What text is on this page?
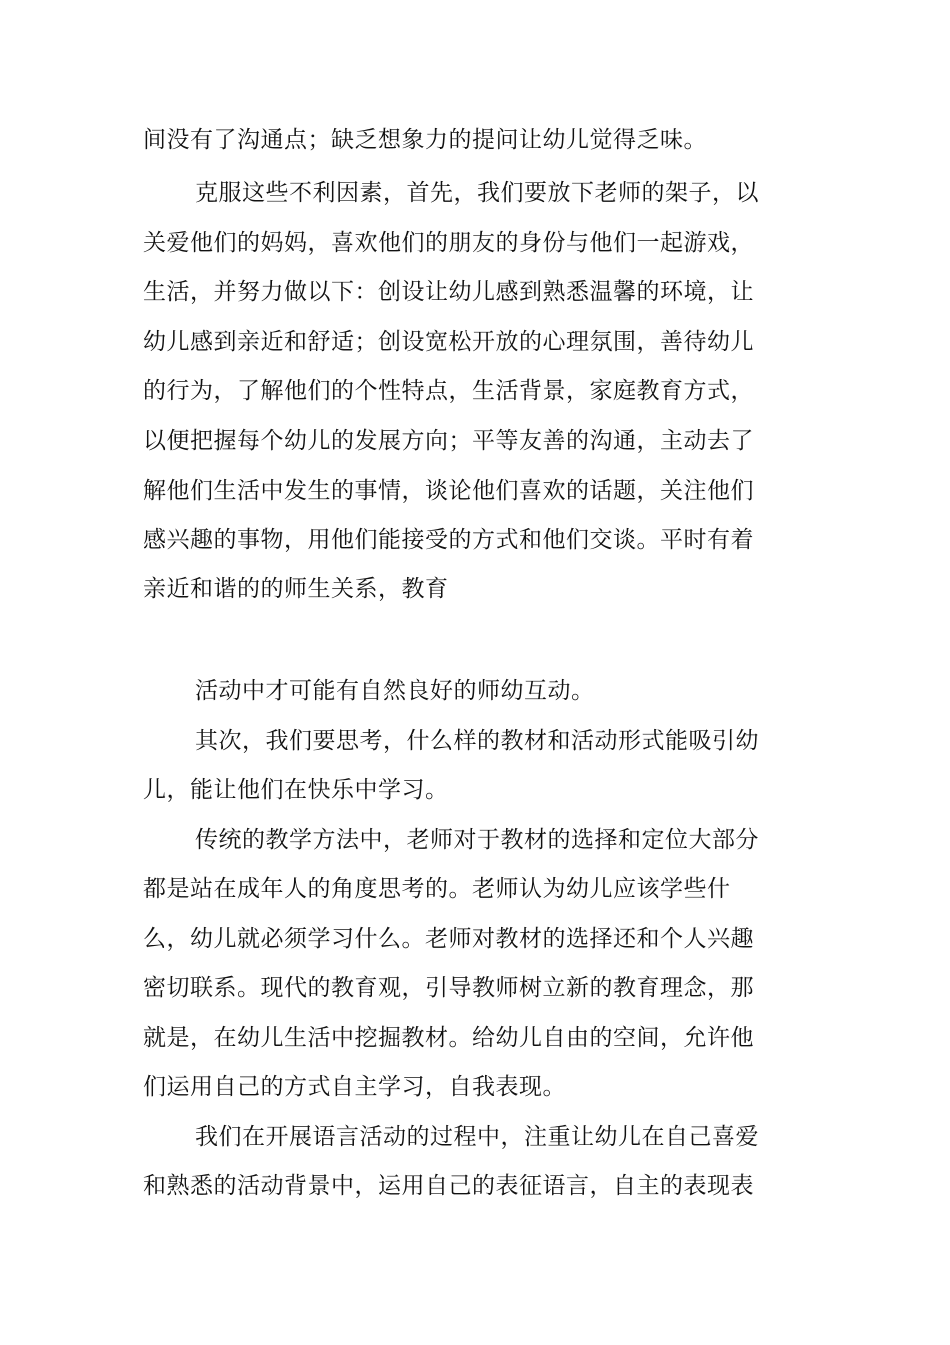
间没有了沟通点；缺乏想象力的提问让幼儿觉得乏味。
克服这些不利因素，首先，我们要放下老师的架子，以
关爱他们的妈妈，喜欢他们的朋友的身份与他们一起游戏，
生活，并努力做以下：创设让幼儿感到熟悉温馨的环境，让
幼儿感到亲近和舒适；创设宽松开放的心理氛围，善待幼儿
的行为，了解他们的个性特点，生活背景，家庭教育方式，
以便把握每个幼儿的发展方向；平等友善的沟通，主动去了
解他们生活中发生的事情，谈论他们喜欢的话题，关注他们
感兴趣的事物，用他们能接受的方式和他们交谈。平时有着
亲近和谐的的师生关系，教育
活动中才可能有自然良好的师幼互动。
其次，我们要思考，什么样的教材和活动形式能吸引幼
儿，能让他们在快乐中学习。
传统的教学方法中，老师对于教材的选择和定位大部分
都是站在成年人的角度思考的。老师认为幼儿应该学些什
么，幼儿就必须学习什么。老师对教材的选择还和个人兴趣
密切联系。现代的教育观，引导教师树立新的教育理念，那
就是，在幼儿生活中挖掘教材。给幼儿自由的空间，允许他
们运用自己的方式自主学习，自我表现。
我们在开展语言活动的过程中，注重让幼儿在自己喜爱
和熟悉的活动背景中，运用自己的表征语言，自主的表现表
